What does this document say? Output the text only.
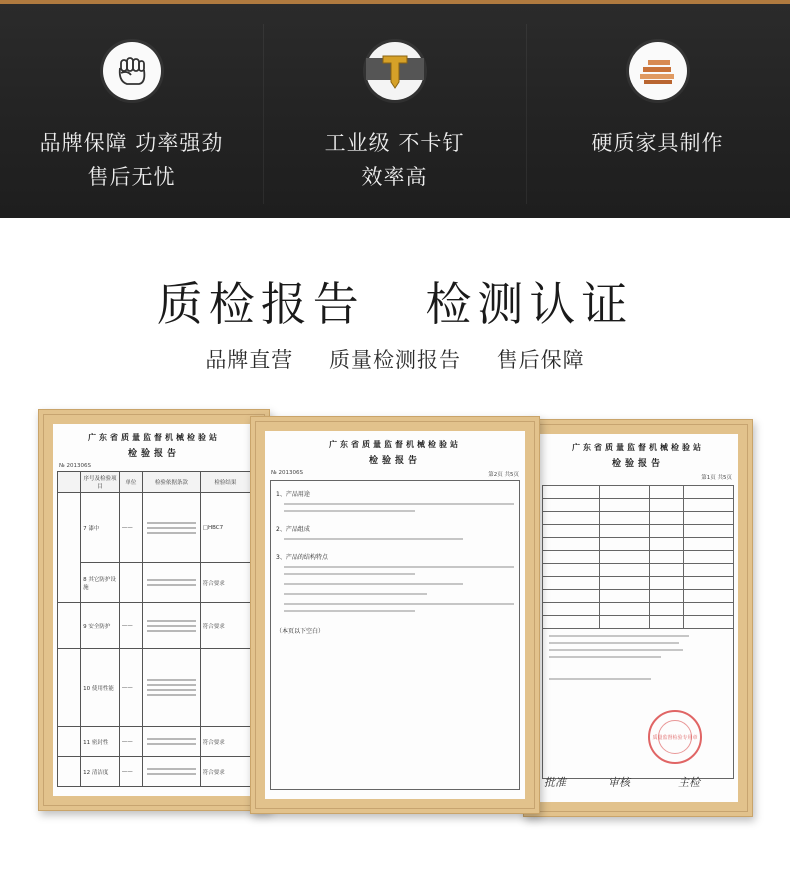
品牌保障 功率强劲
售后无忧
工业级 不卡钉
效率高
硬质家具制作
质检报告 检测认证
品牌直营 质量检测报告 售后保障
广东省质量监督机械检验站
检验报告
第1页 共5页

质量监督检验专用章
批准	审核	主检
广东省质量监督机械检验站
检验报告
№ 201306S
	序号及检验项目	单位	检验依据条款	检验结果
	7 漆中	——		□HBC7
	8 其它防护设施			符合要求
	9 安全防护	——		符合要求
	10 使用性能	——	

	11 密封性	——		符合要求
	12 清洁度	——		符合要求
广东省质量监督机械检验站
检验报告
№ 201306S	第2页 共5页
1、产品用途
2、产品组成
3、产品的结构特点
（本页以下空白）
